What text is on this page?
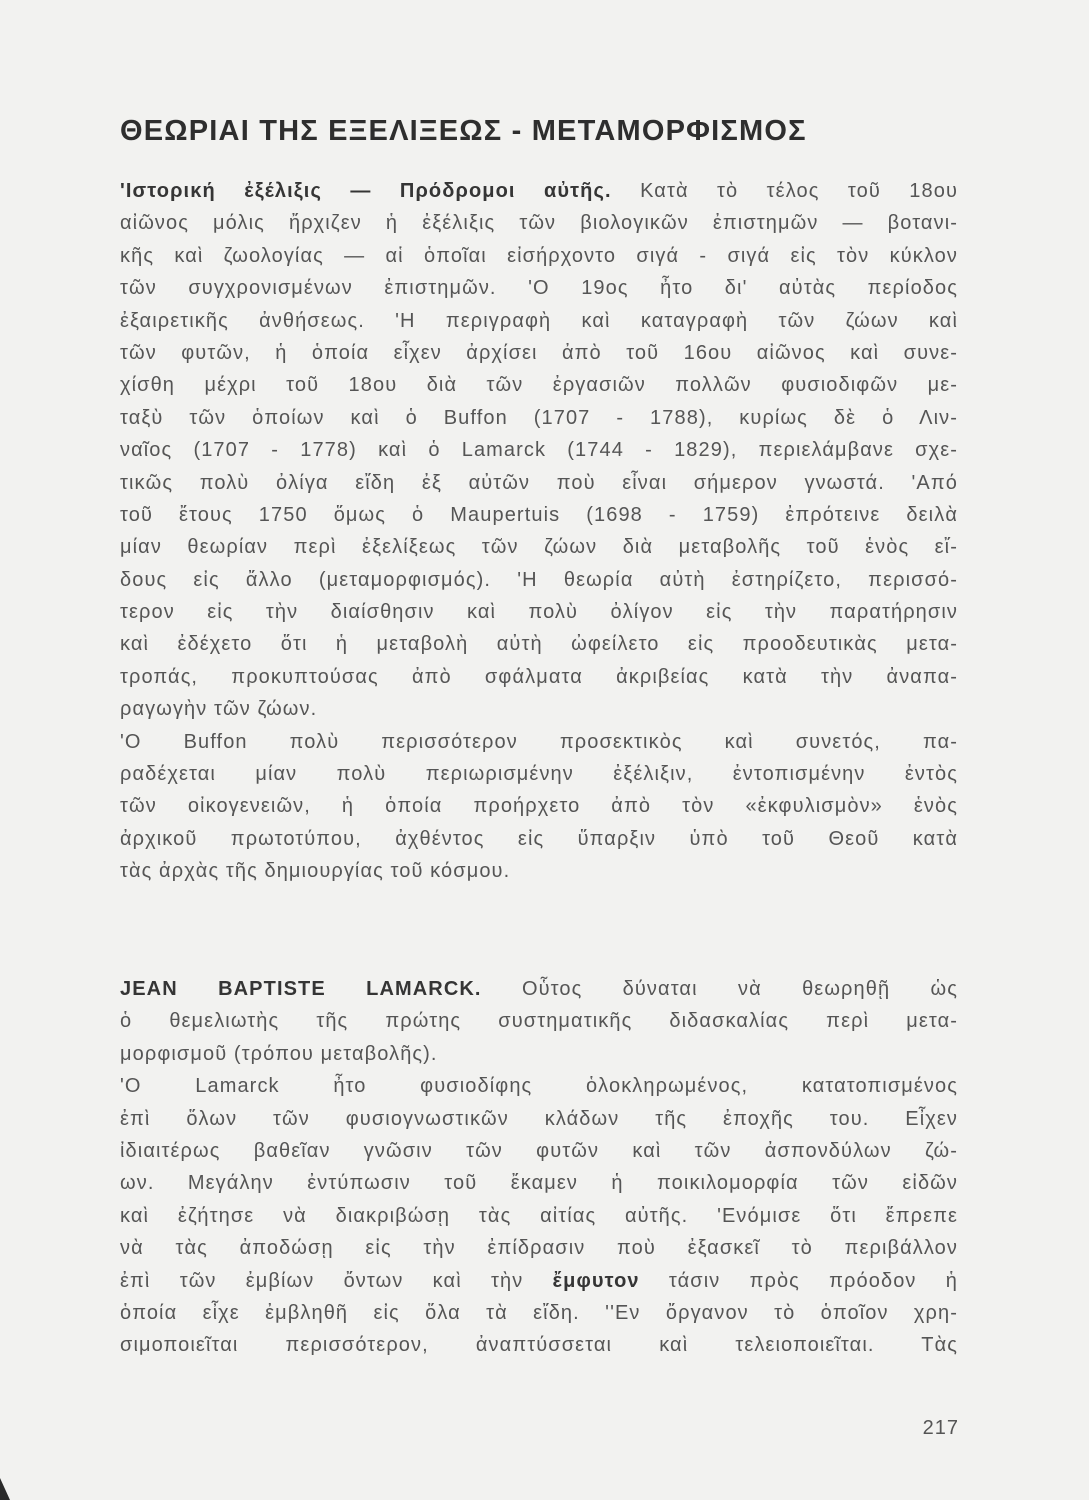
ΘΕΩΡΙΑΙ ΤΗΣ ΕΞΕΛΙΞΕΩΣ - ΜΕΤΑΜΟΡΦΙΣΜΟΣ
'Ιστορική ἐξέλιξις — Πρόδρομοι αὐτῆς. Κατὰ τὸ τέλος τοῦ 18ου
αἰῶνος μόλις ἤρχιζεν ἡ ἐξέλιξις τῶν βιολογικῶν ἐπιστημῶν — βοτανι-
κῆς καὶ ζωολογίας — αἱ ὁποῖαι εἰσήρχοντο σιγά - σιγά εἰς τὸν κύκλον
τῶν συγχρονισμένων ἐπιστημῶν. 'Ο 19ος ἦτο δι' αὐτὰς περίοδος
ἐξαιρετικῆς ἀνθήσεως. 'Η περιγραφὴ καὶ καταγραφὴ τῶν ζώων καὶ
τῶν φυτῶν, ἡ ὁποία εἶχεν ἀρχίσει ἀπὸ τοῦ 16ου αἰῶνος καὶ συνε-
χίσθη μέχρι τοῦ 18ου διὰ τῶν ἐργασιῶν πολλῶν φυσιοδιφῶν με-
ταξὺ τῶν ὁποίων καὶ ὁ Buffon (1707 - 1788), κυρίως δὲ ὁ Λιν-
ναῖος (1707 - 1778) καὶ ὁ Lamarck (1744 - 1829), περιελάμβανε σχε-
τικῶς πολὺ ὀλίγα εἴδη ἐξ αὐτῶν ποὺ εἶναι σήμερον γνωστά. 'Από
τοῦ ἔτους 1750 ὅμως ὁ Maupertuis (1698 - 1759) ἐπρότεινε δειλὰ
μίαν θεωρίαν περὶ ἐξελίξεως τῶν ζώων διὰ μεταβολῆς τοῦ ἑνὸς εἴ-
δους εἰς ἄλλο (μεταμορφισμός). 'Η θεωρία αὐτὴ ἐστηρίζετο, περισσό-
τερον εἰς τὴν διαίσθησιν καὶ πολὺ ὀλίγον εἰς τὴν παρατήρησιν
καὶ ἐδέχετο ὅτι ἡ μεταβολὴ αὐτὴ ὠφείλετο εἰς προοδευτικὰς μετα-
τροπάς, προκυπτούσας ἀπὸ σφάλματα ἀκριβείας κατὰ τὴν ἀναπα-
ραγωγὴν τῶν ζώων.
'Ο Buffon πολὺ περισσότερον προσεκτικὸς καὶ συνετός, πα-
ραδέχεται μίαν πολὺ περιωρισμένην ἐξέλιξιν, ἐντοπισμένην ἐντὸς
τῶν οἰκογενειῶν, ἡ ὁποία προήρχετο ἀπὸ τὸν «ἐκφυλισμὸν» ἑνὸς
ἀρχικοῦ πρωτοτύπου, ἀχθέντος εἰς ὕπαρξιν ὑπὸ τοῦ Θεοῦ κατὰ
τὰς ἀρχὰς τῆς δημιουργίας τοῦ κόσμου.
JEAN BAPTISTE LAMARCK. Οὗτος δύναται νὰ θεωρηθῇ ὡς
ὁ θεμελιωτὴς τῆς πρώτης συστηματικῆς διδασκαλίας περὶ μετα-
μορφισμοῦ (τρόπου μεταβολῆς).
'Ο Lamarck ἦτο φυσιοδίφης ὁλοκληρωμένος, κατατοπισμένος
ἐπὶ ὅλων τῶν φυσιογνωστικῶν κλάδων τῆς ἐποχῆς του. Εἶχεν
ἰδιαιτέρως βαθεῖαν γνῶσιν τῶν φυτῶν καὶ τῶν ἀσπονδύλων ζώ-
ων. Μεγάλην ἐντύπωσιν τοῦ ἔκαμεν ἡ ποικιλομορφία τῶν εἰδῶν
καὶ ἐζήτησε νὰ διακριβώσῃ τὰς αἰτίας αὐτῆς. 'Ενόμισε ὅτι ἔπρεπε
νὰ τὰς ἀποδώσῃ εἰς τὴν ἐπίδρασιν ποὺ ἐξασκεῖ τὸ περιβάλλον
ἐπὶ τῶν ἐμβίων ὄντων καὶ τὴν ἔμφυτον τάσιν πρὸς πρόοδον ἡ
ὁποία εἶχε ἐμβληθῆ εἰς ὅλα τὰ εἴδη. ''Εν ὄργανον τὸ ὁποῖον χρη-
σιμοποιεῖται περισσότερον, ἀναπτύσσεται καὶ τελειοποιεῖται. Τὰς
217
